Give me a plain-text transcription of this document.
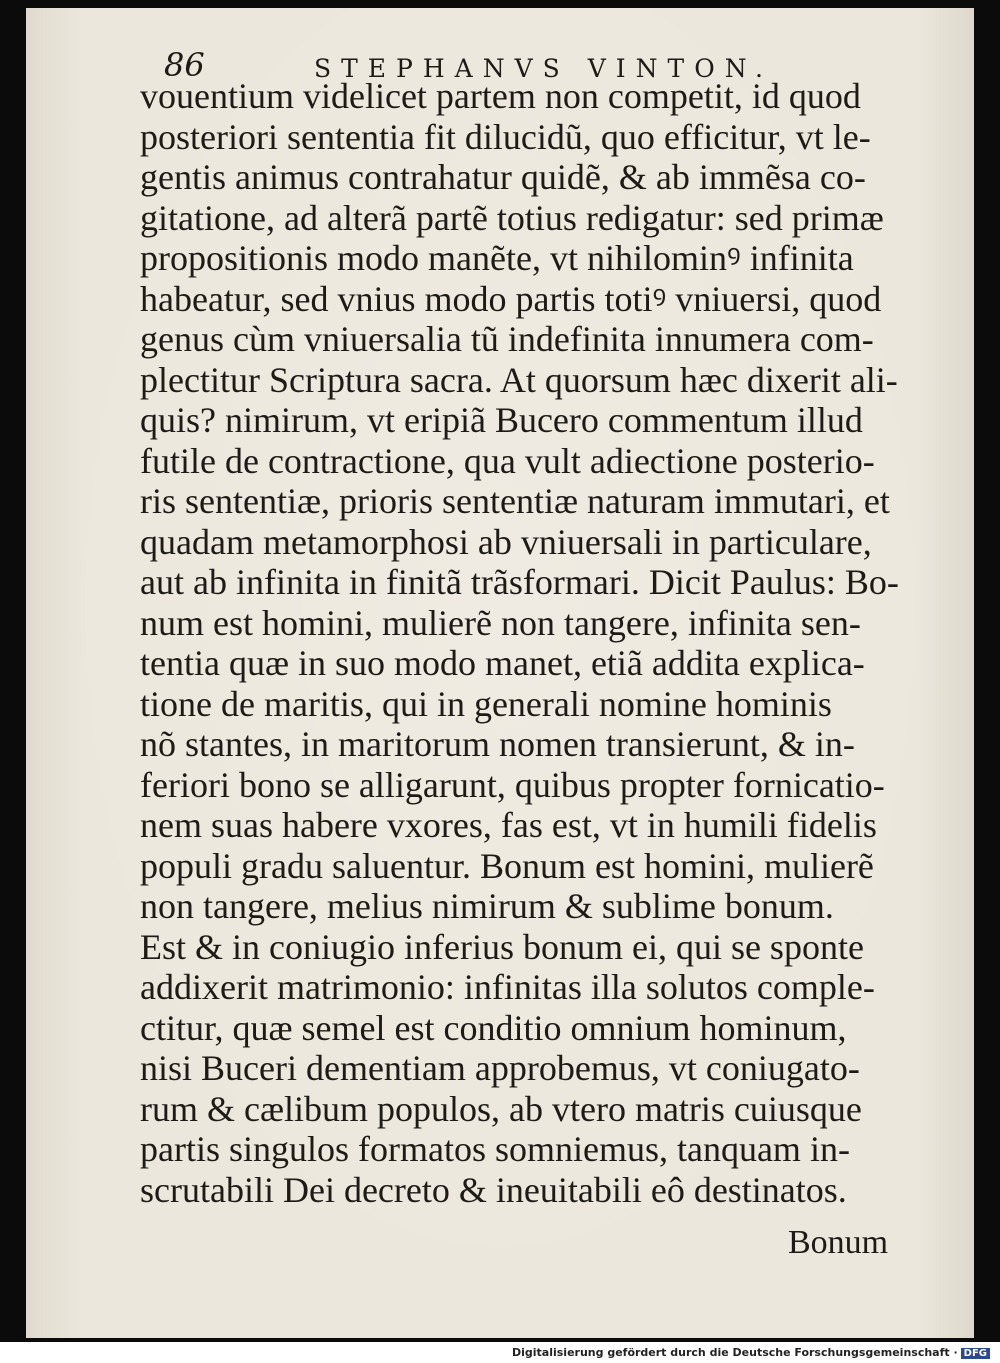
86	STEPHANVS VINTON.
vouentium videlicet partem non competit, id quod
posteriori sententia fit dilucidũ, quo efficitur, vt le-
gentis animus contrahatur quidẽ, & ab immẽsa co-
gitatione, ad alterã partẽ totius redigatur: sed primæ
propositionis modo manẽte, vt nihilominꝰ infinita
habeatur, sed vnius modo partis totiꝰ vniuersi, quod
genus cùm vniuersalia tũ indefinita innumera com-
plectitur Scriptura sacra. At quorsum hæc dixerit ali-
quis? nimirum, vt eripiã Bucero commentum illud
futile de contractione, qua vult adiectione posterio-
ris sententiæ, prioris sententiæ naturam immutari, et
quadam metamorphosi ab vniuersali in particulare,
aut ab infinita in finitã trãsformari. Dicit Paulus: Bo-
num est homini, mulierẽ non tangere, infinita sen-
tentia quæ in suo modo manet, etiã addita explica-
tione de maritis, qui in generali nomine hominis
nõ stantes, in maritorum nomen transierunt, & in-
feriori bono se alligarunt, quibus propter fornicatio-
nem suas habere vxores, fas est, vt in humili fidelis
populi gradu saluentur. Bonum est homini, mulierẽ
non tangere, melius nimirum & sublime bonum.
Est & in coniugio inferius bonum ei, qui se sponte
addixerit matrimonio: infinitas illa solutos comple-
ctitur, quæ semel est conditio omnium hominum,
nisi Buceri dementiam approbemus, vt coniugato-
rum & cælibum populos, ab vtero matris cuiusque
partis singulos formatos somniemus, tanquam in-
scrutabili Dei decreto & ineuitabili eô destinatos.
Bonum
Digitalisierung gefördert durch die Deutsche Forschungsgemeinschaft · DFG
